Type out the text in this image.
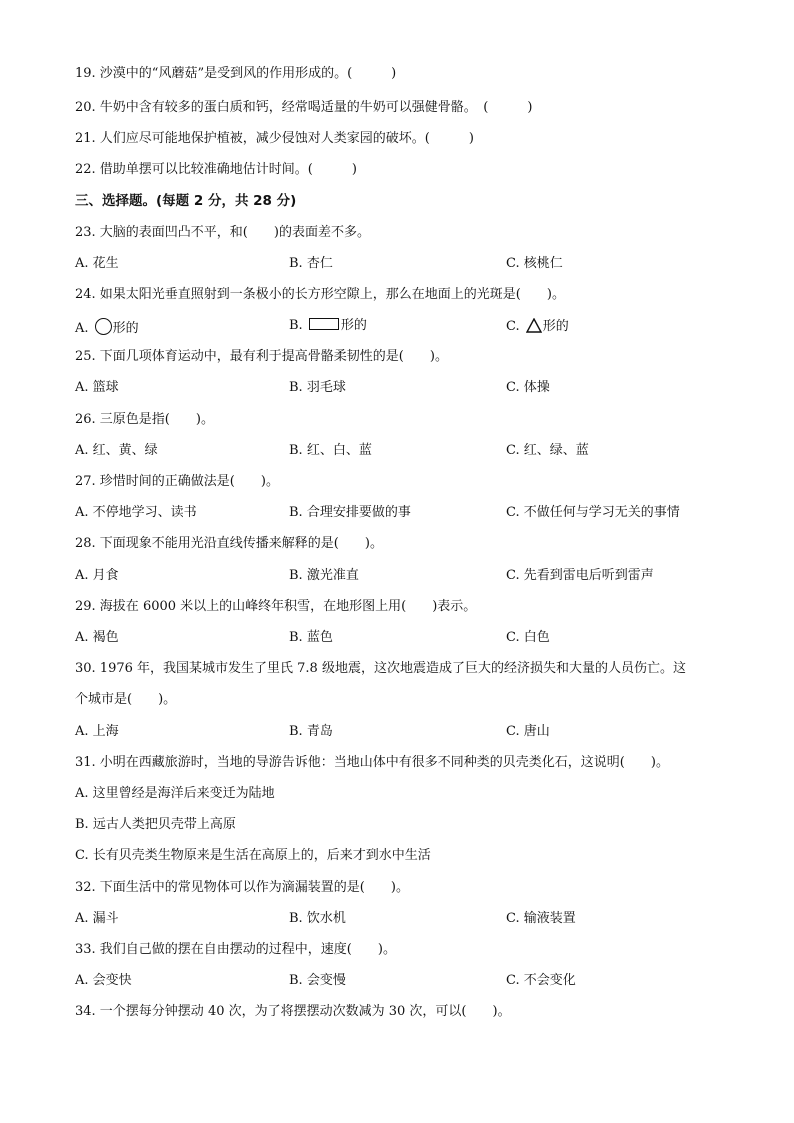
19. 沙漠中的“风蘑菇”是受到风的作用形成的。(　　　)
20. 牛奶中含有较多的蛋白质和钙，经常喝适量的牛奶可以强健骨骼。　(　　　)
21. 人们应尽可能地保护植被，减少侵蚀对人类家园的破坏。(　　　)
22. 借助单摆可以比较准确地估计时间。(　　　)
三、选择题。(每题 2 分，共 28 分)
23. 大脑的表面凹凸不平，和(　　)的表面差不多。
A. 花生	B. 杏仁	C. 核桃仁
24. 如果太阳光垂直照射到一条极小的长方形空隙上，那么在地面上的光斑是(　　)。
A. 形的	B.	形的	C. 形的
25. 下面几项体育运动中，最有利于提高骨骼柔韧性的是(　　)。
A. 篮球	B. 羽毛球	C. 体操
26. 三原色是指(　　)。
A. 红、黄、绿	B. 红、白、蓝	C. 红、绿、蓝
27. 珍惜时间的正确做法是(　　)。
A. 不停地学习、读书	B. 合理安排要做的事	C. 不做任何与学习无关的事情
28. 下面现象不能用光沿直线传播来解释的是(　　)。
A. 月食	B. 激光准直	C. 先看到雷电后听到雷声
29. 海拔在 6000 米以上的山峰终年积雪，在地形图上用(　　)表示。
A. 褐色	B. 蓝色	C. 白色
30. 1976 年，我国某城市发生了里氏 7.8 级地震，这次地震造成了巨大的经济损失和大量的人员伤亡。这
个城市是(　　)。
A. 上海	B. 青岛	C. 唐山
31. 小明在西藏旅游时，当地的导游告诉他：当地山体中有很多不同种类的贝壳类化石，这说明(　　)。
A. 这里曾经是海洋后来变迁为陆地
B. 远古人类把贝壳带上高原
C. 长有贝壳类生物原来是生活在高原上的，后来才到水中生活
32. 下面生活中的常见物体可以作为滴漏装置的是(　　)。
A. 漏斗	B. 饮水机	C. 输液装置
33. 我们自己做的摆在自由摆动的过程中，速度(　　)。
A. 会变快	B. 会变慢	C. 不会变化
34. 一个摆每分钟摆动 40 次，为了将摆摆动次数减为 30 次，可以(　　)。
